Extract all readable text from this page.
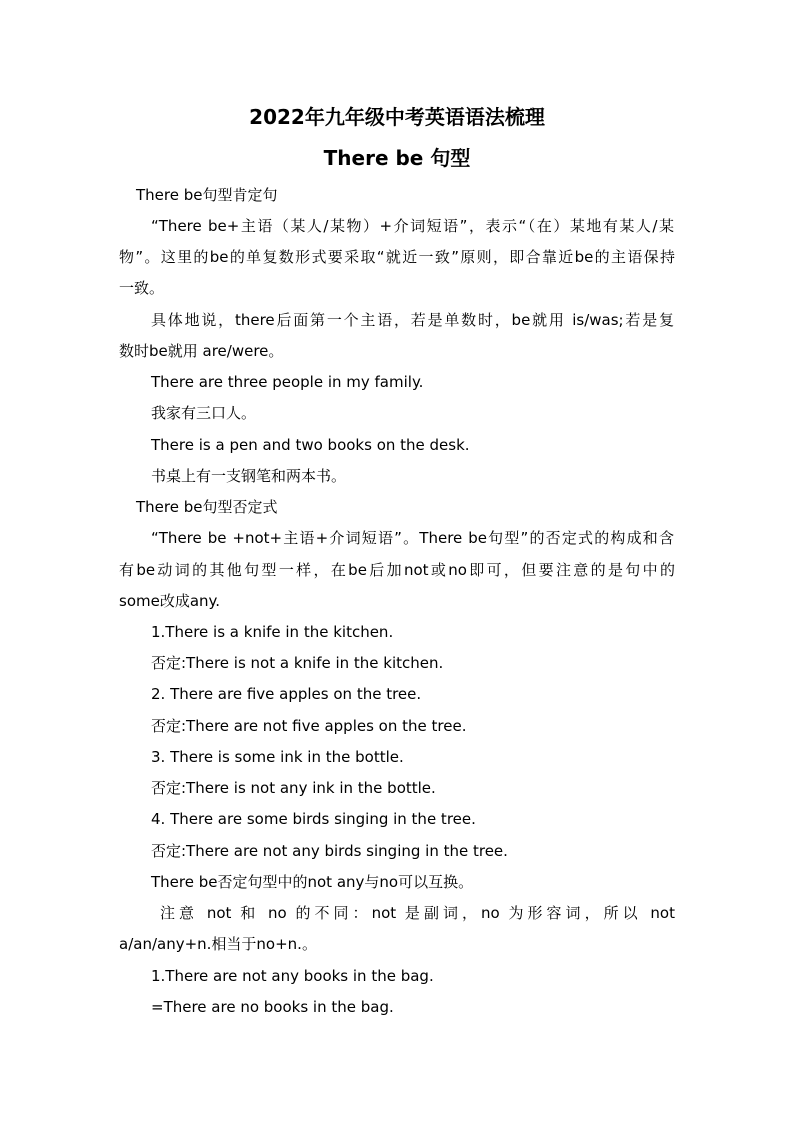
2022年九年级中考英语语法梳理
There be 句型
There be句型肯定句
“There be+主语（某人/某物）+介词短语”，表示“（在）某地有某人/某
物”。这里的be的单复数形式要采取“就近一致”原则，即合靠近be的主语保持
一致。
具体地说，there后面第一个主语，若是单数时，be就用 is/was;若是复
数时be就用 are/were。
There are three people in my family.
我家有三口人。
There is a pen and two books on the desk.
书桌上有一支钢笔和两本书。
There be句型否定式
“There be +not+主语+介词短语”。There be句型”的否定式的构成和含
有be动词的其他句型一样，在be后加not或no即可，但要注意的是句中的
some改成any.
1.There is a knife in the kitchen.
否定:There is not a knife in the kitchen.
2. There are five apples on the tree.
否定:There are not five apples on the tree.
3. There is some ink in the bottle.
否定:There is not any ink in the bottle.
4. There are some birds singing in the tree.
否定:There are not any birds singing in the tree.
There be否定句型中的not any与no可以互换。
注意 not 和 no 的不同：not 是副词，no 为形容词，所以 not
a/an/any+n.相当于no+n.。
1.There are not any books in the bag.
=There are no books in the bag.
